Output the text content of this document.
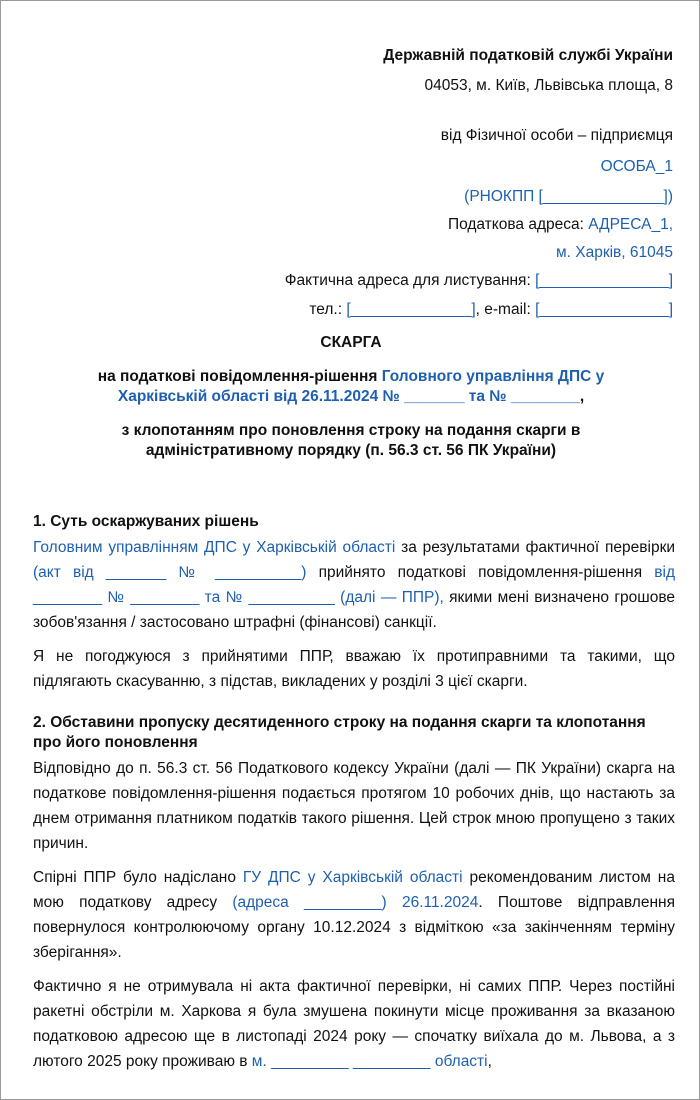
Державній податковій службі України
04053, м. Київ, Львівська площа, 8
від Фізичної особи – підприємця
ОСОБА_1
(РНОКПП [______________])
Податкова адреса: АДРЕСА_1,
м. Харків, 61045
Фактична адреса для листування: [_______________]
тел.: [______________], e-mail: [_______________]
СКАРГА
на податкові повідомлення-рішення Головного управління ДПС у
Харківській області від 26.11.2024 № _______ та № ________,
з клопотанням про поновлення строку на подання скарги в
адміністративному порядку (п. 56.3 ст. 56 ПК України)
1. Суть оскаржуваних рішень
Головним управлінням ДПС у Харківській області за результатами фактичної перевірки (акт від _______ № __________) прийнято податкові повідомлення-рішення від ________ № ________ та № __________ (далі — ППР), якими мені визначено грошове зобов'язання / застосовано штрафні (фінансові) санкції.
Я не погоджуюся з прийнятими ППР, вважаю їх протиправними та такими, що підлягають скасуванню, з підстав, викладених у розділі 3 цієї скарги.
2. Обставини пропуску десятиденного строку на подання скарги та клопотання про його поновлення
Відповідно до п. 56.3 ст. 56 Податкового кодексу України (далі — ПК України) скарга на податкове повідомлення-рішення подається протягом 10 робочих днів, що настають за днем отримання платником податків такого рішення. Цей строк мною пропущено з таких причин.
Спірні ППР було надіслано ГУ ДПС у Харківській області рекомендованим листом на мою податкову адресу (адреса _________) 26.11.2024. Поштове відправлення повернулося контролюючому органу 10.12.2024 з відміткою «за закінченням терміну зберігання».
Фактично я не отримувала ні акта фактичної перевірки, ні самих ППР. Через постійні ракетні обстріли м. Харкова я була змушена покинути місце проживання за вказаною податковою адресою ще в листопаді 2024 року — спочатку виїхала до м. Львова, а з лютого 2025 року проживаю в м. _________ _________ області,
